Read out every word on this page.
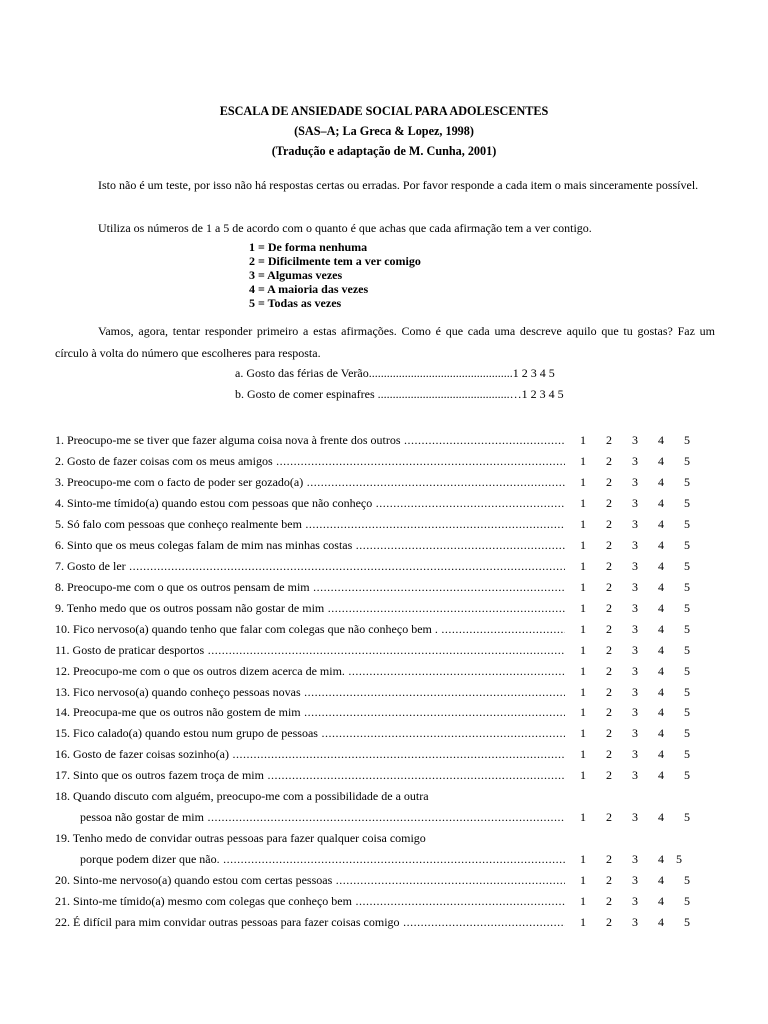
ESCALA DE ANSIEDADE SOCIAL PARA ADOLESCENTES
(SAS–A; La Greca & Lopez, 1998)
(Tradução e adaptação de M. Cunha, 2001)
Isto não é um teste, por isso não há respostas certas ou erradas. Por favor responde a cada item o mais sinceramente possível.
Utiliza os números de 1 a 5 de acordo com o quanto é que achas que cada afirmação tem a ver contigo.
1 = De forma nenhuma
2 = Dificilmente tem a ver comigo
3 = Algumas vezes
4 = A maioria das vezes
5 = Todas as vezes
Vamos, agora, tentar responder primeiro a estas afirmações. Como é que cada uma descreve aquilo que tu gostas? Faz um círculo à volta do número que escolheres para resposta.
a. Gosto das férias de Verão................................................1 2 3 4 5
b. Gosto de comer espinafres ............................................…1 2 3 4 5
1. Preocupo-me se tiver que fazer alguma coisa nova à frente dos outros .....	1	2	3	4	5
2. Gosto de fazer coisas com os meus amigos .....	1	2	3	4	5
3. Preocupo-me com o facto de poder ser gozado(a) .....	1	2	3	4	5
4. Sinto-me tímido(a) quando estou com pessoas que não conheço .....	1	2	3	4	5
5. Só falo com pessoas que conheço realmente bem .....	1	2	3	4	5
6. Sinto que os meus colegas falam de mim nas minhas costas .....	1	2	3	4	5
7. Gosto de ler .....	1	2	3	4	5
8. Preocupo-me com o que os outros pensam de mim .....	1	2	3	4	5
9. Tenho medo que os outros possam não gostar de mim .....	1	2	3	4	5
10. Fico nervoso(a) quando tenho que falar com colegas que não conheço bem . .....	1	2	3	4	5
11. Gosto de praticar desportos .....	1	2	3	4	5
12. Preocupo-me com o que os outros dizem acerca de mim. .....	1	2	3	4	5
13. Fico nervoso(a) quando conheço pessoas novas .....	1	2	3	4	5
14. Preocupa-me que os outros não gostem de mim .....	1	2	3	4	5
15. Fico calado(a) quando estou num grupo de pessoas .....	1	2	3	4	5
16. Gosto de fazer coisas sozinho(a) .....	1	2	3	4	5
17. Sinto que os outros fazem troça de mim .....	1	2	3	4	5
18. Quando discuto com alguém, preocupo-me com a possibilidade de a outra
pessoa não gostar de mim .....	1	2	3	4	5
19. Tenho medo de convidar outras pessoas para fazer qualquer coisa comigo
porque podem dizer que não. .....	1	2	3	4	5
20. Sinto-me nervoso(a) quando estou com certas pessoas .....	1	2	3	4	5
21. Sinto-me tímido(a) mesmo com colegas que conheço bem .....	1	2	3	4	5
22. É difícil para mim convidar outras pessoas para fazer coisas comigo .....	1	2	3	4	5
